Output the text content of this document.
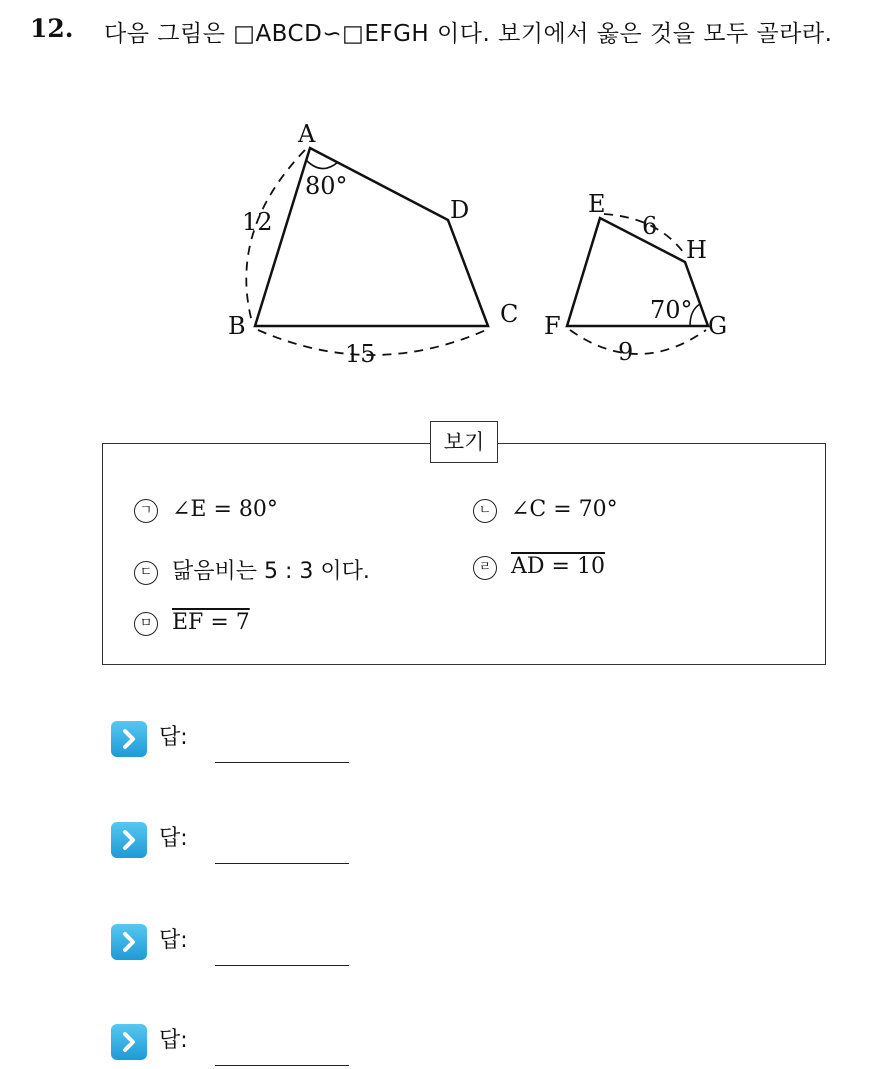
12. 다음 그림은 □ABCD∽□EFGH 이다. 보기에서 옳은 것을 모두 골라라.
A
B	C
D
80°
12
15
E
F	G
H
70°
6
9
보기
ㄱ ∠E = 80°	ㄴ ∠C = 70°
ㄷ 닮음비는 5 : 3 이다.	ㄹ AD = 10
ㅁ EF = 7
답:
답:
답:
답:
